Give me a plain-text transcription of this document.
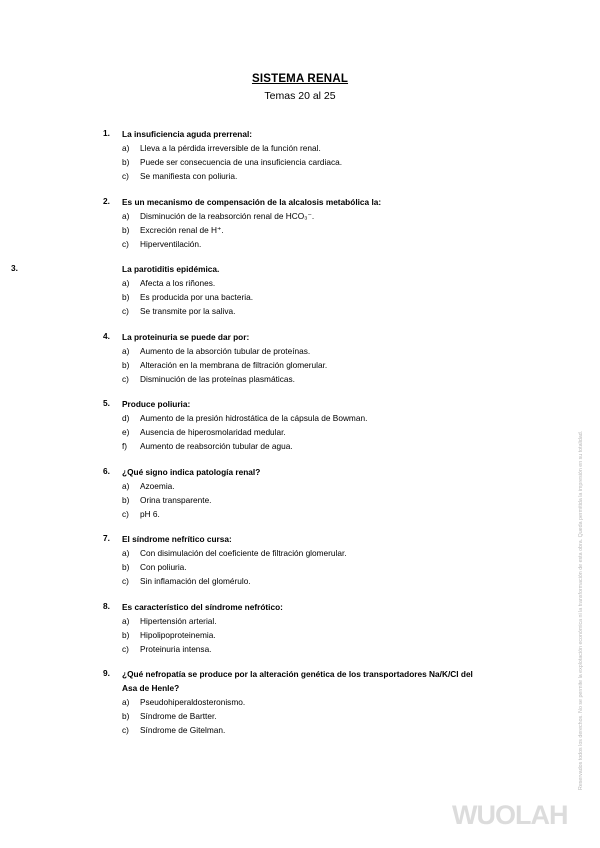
SISTEMA RENAL
Temas 20 al 25
1.	La insuficiencia aguda prerrenal:
a) Lleva a la pérdida irreversible de la función renal.
b) Puede ser consecuencia de una insuficiencia cardiaca.
c) Se manifiesta con poliuria.
2.	Es un mecanismo de compensación de la alcalosis metabólica la:
a) Disminución de la reabsorción renal de HCO₃⁻.
b) Excreción renal de H⁺.
c) Hiperventilación.
3.	La parotiditis epidémica.
a) Afecta a los riñones.
b) Es producida por una bacteria.
c) Se transmite por la saliva.
4.	La proteinuria se puede dar por:
a) Aumento de la absorción tubular de proteínas.
b) Alteración en la membrana de filtración glomerular.
c) Disminución de las proteínas plasmáticas.
5.	Produce poliuria:
d) Aumento de la presión hidrostática de la cápsula de Bowman.
e) Ausencia de hiperosmolaridad medular.
f) Aumento de reabsorción tubular de agua.
6.	¿Qué signo indica patología renal?
a) Azoemia.
b) Orina transparente.
c) pH 6.
7.	El síndrome nefrítico cursa:
a) Con disimulación del coeficiente de filtración glomerular.
b) Con poliuria.
c) Sin inflamación del glomérulo.
8.	Es característico del síndrome nefrótico:
a) Hipertensión arterial.
b) Hipolipoproteinemia.
c) Proteinuria intensa.
9.	¿Qué nefropatía se produce por la alteración genética de los transportadores Na/K/Cl del Asa de Henle?
a) Pseudohiperaldosteronismo.
b) Síndrome de Bartter.
c) Síndrome de Gitelman.	Reservados todos los derechos. No se permite la explotación económica ni la transformación de esta obra. Queda permitida la impresión en su totalidad.
WUOLAH
